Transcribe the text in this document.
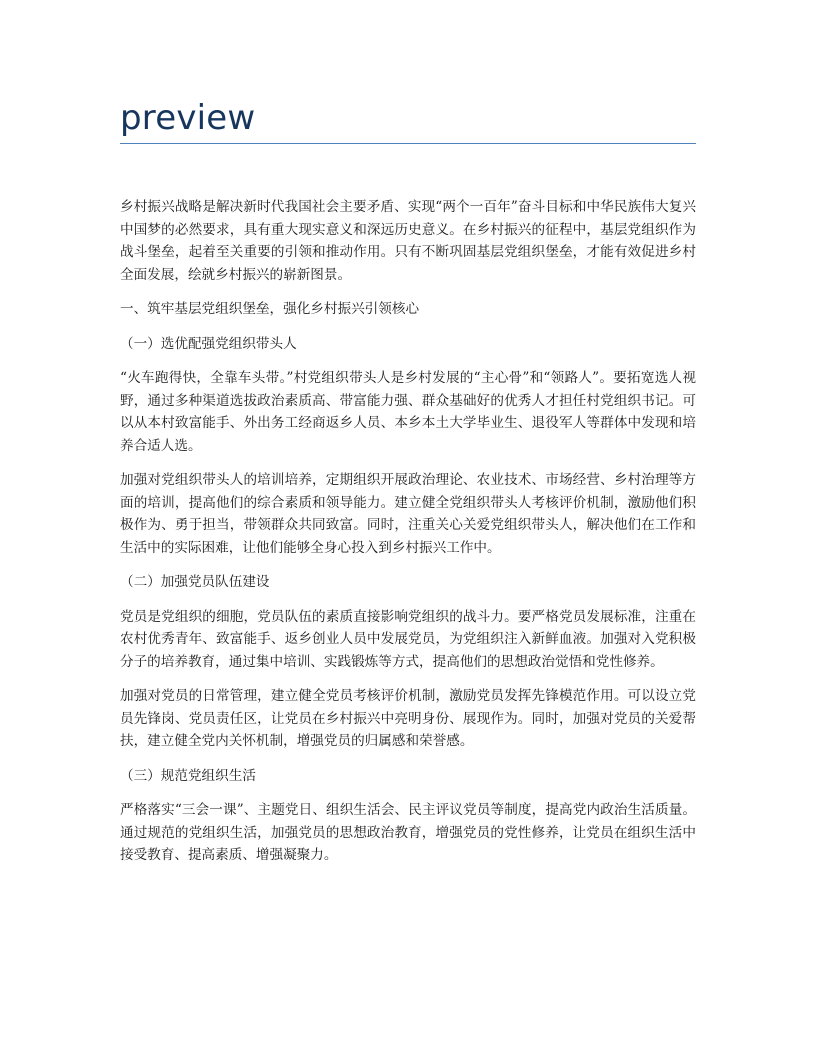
preview

乡村振兴战略是解决新时代我国社会主要矛盾、实现“两个一百年”奋斗目标和中华民族伟大复兴中国梦的必然要求，具有重大现实意义和深远历史意义。在乡村振兴的征程中，基层党组织作为战斗堡垒，起着至关重要的引领和推动作用。只有不断巩固基层党组织堡垒，才能有效促进乡村全面发展，绘就乡村振兴的崭新图景。

一、筑牢基层党组织堡垒，强化乡村振兴引领核心

（一）选优配强党组织带头人

“火车跑得快，全靠车头带。”村党组织带头人是乡村发展的“主心骨”和“领路人”。要拓宽选人视野，通过多种渠道选拔政治素质高、带富能力强、群众基础好的优秀人才担任村党组织书记。可以从本村致富能手、外出务工经商返乡人员、本乡本土大学毕业生、退役军人等群体中发现和培养合适人选。

加强对党组织带头人的培训培养，定期组织开展政治理论、农业技术、市场经营、乡村治理等方面的培训，提高他们的综合素质和领导能力。建立健全党组织带头人考核评价机制，激励他们积极作为、勇于担当，带领群众共同致富。同时，注重关心关爱党组织带头人，解决他们在工作和生活中的实际困难，让他们能够全身心投入到乡村振兴工作中。

（二）加强党员队伍建设

党员是党组织的细胞，党员队伍的素质直接影响党组织的战斗力。要严格党员发展标准，注重在农村优秀青年、致富能手、返乡创业人员中发展党员，为党组织注入新鲜血液。加强对入党积极分子的培养教育，通过集中培训、实践锻炼等方式，提高他们的思想政治觉悟和党性修养。

加强对党员的日常管理，建立健全党员考核评价机制，激励党员发挥先锋模范作用。可以设立党员先锋岗、党员责任区，让党员在乡村振兴中亮明身份、展现作为。同时，加强对党员的关爱帮扶，建立健全党内关怀机制，增强党员的归属感和荣誉感。

（三）规范党组织生活

严格落实“三会一课”、主题党日、组织生活会、民主评议党员等制度，提高党内政治生活质量。通过规范的党组织生活，加强党员的思想政治教育，增强党员的党性修养，让党员在组织生活中接受教育、提高素质、增强凝聚力。
